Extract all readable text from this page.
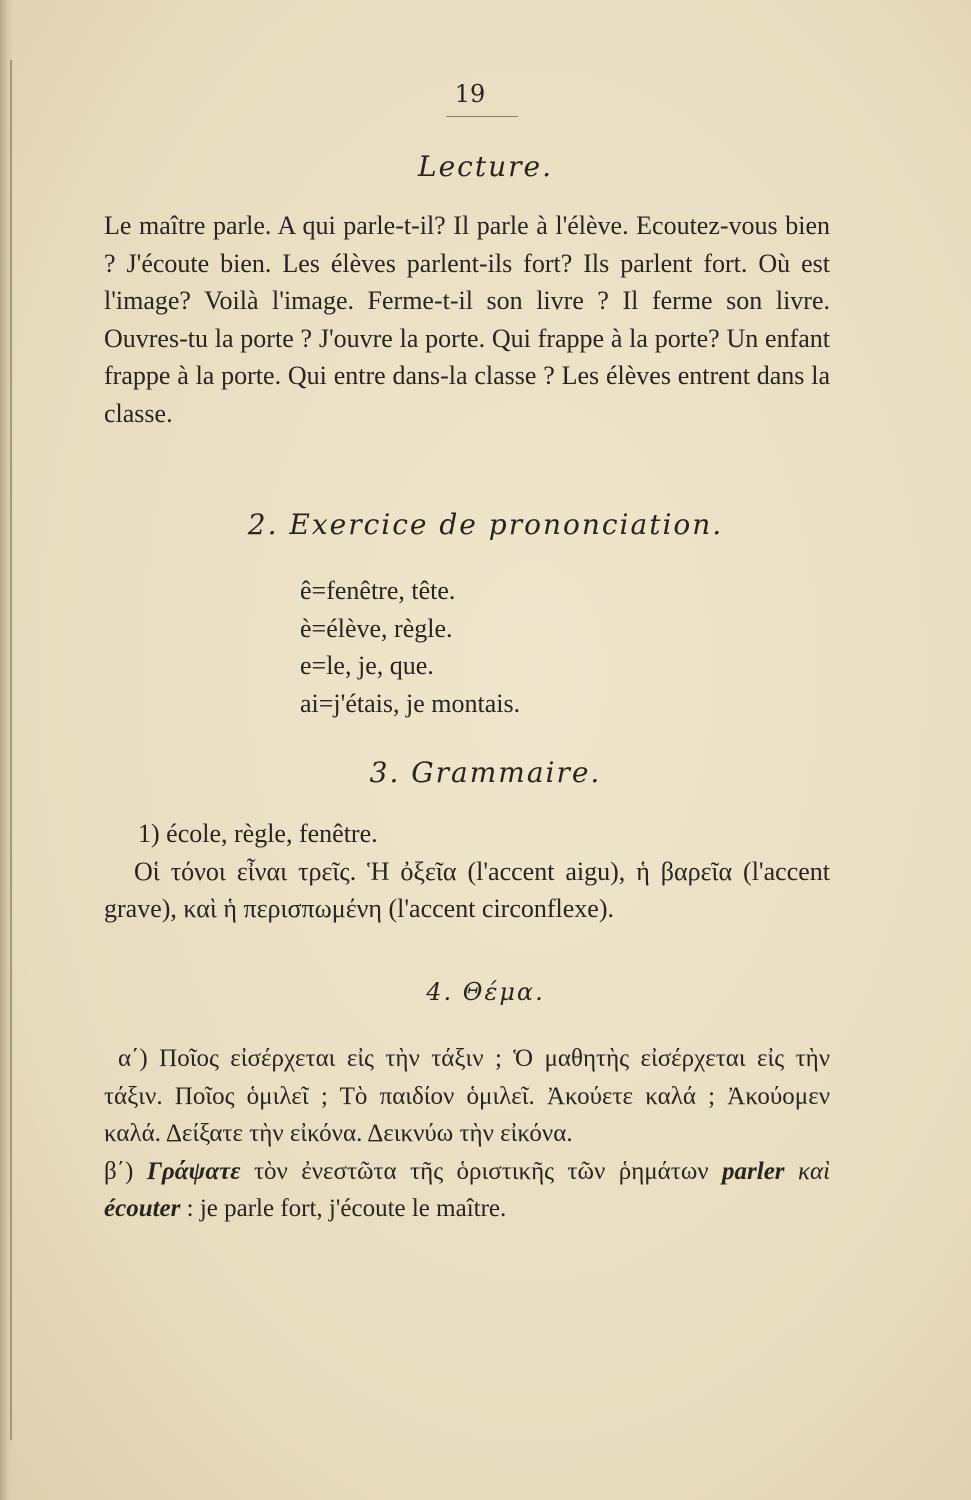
19
Lecture.

Le maître parle. A qui parle-t-il? Il parle à l'élève. Ecoutez-vous bien ? J'écoute bien. Les élèves parlent-ils fort? Ils parlent fort. Où est l'image? Voilà l'image. Ferme-t-il son livre ? Il ferme son livre. Ouvres-tu la porte ? J'ouvre la porte. Qui frappe à la porte? Un enfant frappe à la porte. Qui entre dans-la classe ? Les élèves entrent dans la classe.

2. Exercice de prononciation.
ê=fenêtre, tête.
è=élève, règle.
e=le, je, que.
ai=j'étais, je montais.
3. Grammaire.

1) école, règle, fenêtre.

Οἱ τόνοι εἶναι τρεῖς. Ἡ ὀξεῖα (l'accent aigu), ἡ βαρεῖα (l'accent grave), καὶ ἡ περισπωμένη (l'accent circonflexe).

4. Θέμα.

α΄) Ποῖος εἰσέρχεται εἰς τὴν τάξιν ; Ὁ μαθητὴς εἰσέρχεται εἰς τὴν τάξιν. Ποῖος ὁμιλεῖ ; Τὸ παιδίον ὁμιλεῖ. Ἀκούετε καλά ; Ἀκούομεν καλά. Δείξατε τὴν εἰκόνα. Δεικνύω τὴν εἰκόνα.

β΄) Γράψατε τὸν ἐνεστῶτα τῆς ὁριστικῆς τῶν ῥημάτων parler καὶ écouter : je parle fort, j'écoute le maître.
